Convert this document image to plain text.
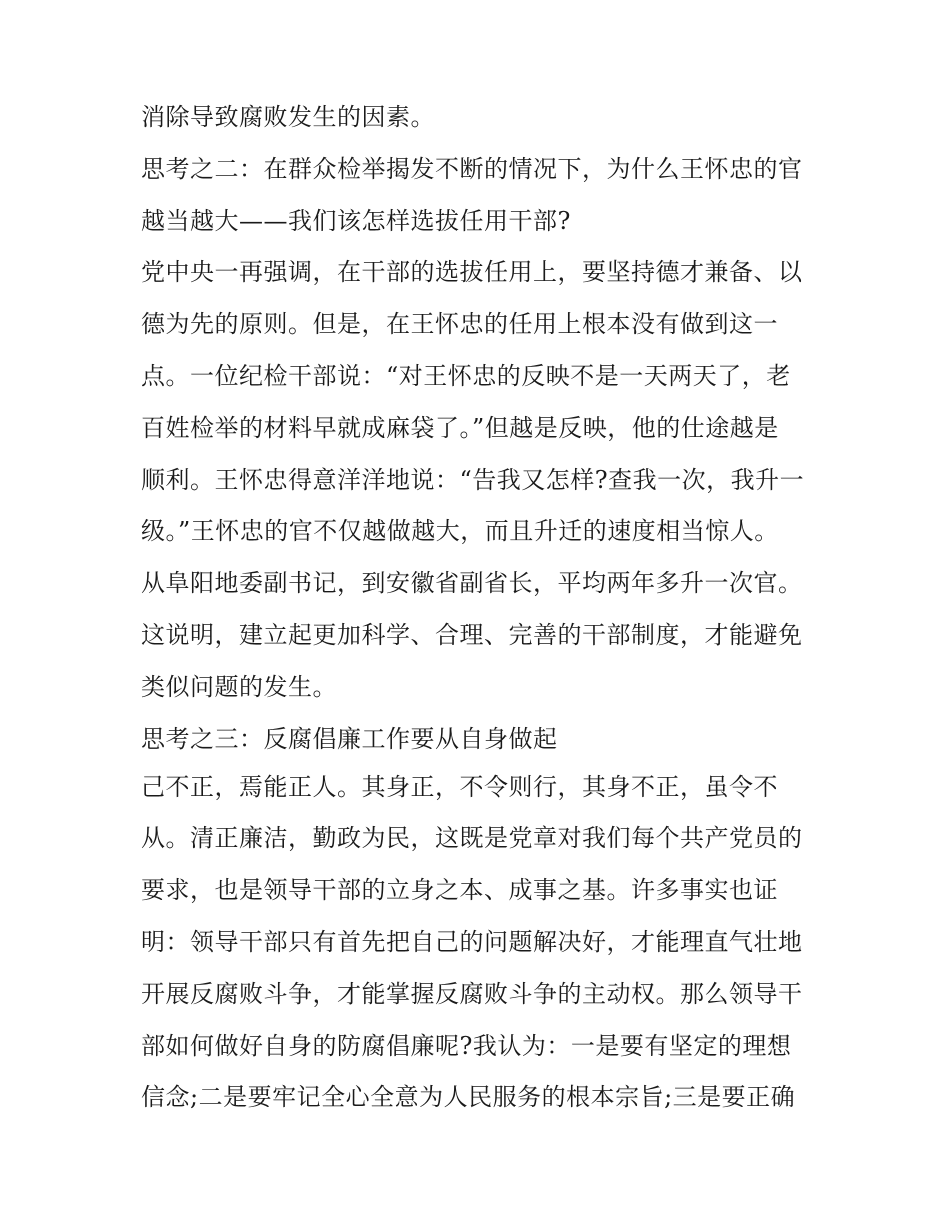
消除导致腐败发生的因素。
思考之二：在群众检举揭发不断的情况下，为什么王怀忠的官
越当越大——我们该怎样选拔任用干部?
党中央一再强调，在干部的选拔任用上，要坚持德才兼备、以
德为先的原则。但是，在王怀忠的任用上根本没有做到这一
点。一位纪检干部说：“对王怀忠的反映不是一天两天了，老
百姓检举的材料早就成麻袋了。”但越是反映，他的仕途越是
顺利。王怀忠得意洋洋地说：“告我又怎样?查我一次，我升一
级。”王怀忠的官不仅越做越大，而且升迁的速度相当惊人。
从阜阳地委副书记，到安徽省副省长，平均两年多升一次官。
这说明，建立起更加科学、合理、完善的干部制度，才能避免
类似问题的发生。
思考之三：反腐倡廉工作要从自身做起
己不正，焉能正人。其身正，不令则行，其身不正，虽令不
从。清正廉洁，勤政为民，这既是党章对我们每个共产党员的
要求，也是领导干部的立身之本、成事之基。许多事实也证
明：领导干部只有首先把自己的问题解决好，才能理直气壮地
开展反腐败斗争，才能掌握反腐败斗争的主动权。那么领导干
部如何做好自身的防腐倡廉呢?我认为：一是要有坚定的理想
信念;二是要牢记全心全意为人民服务的根本宗旨;三是要正确
